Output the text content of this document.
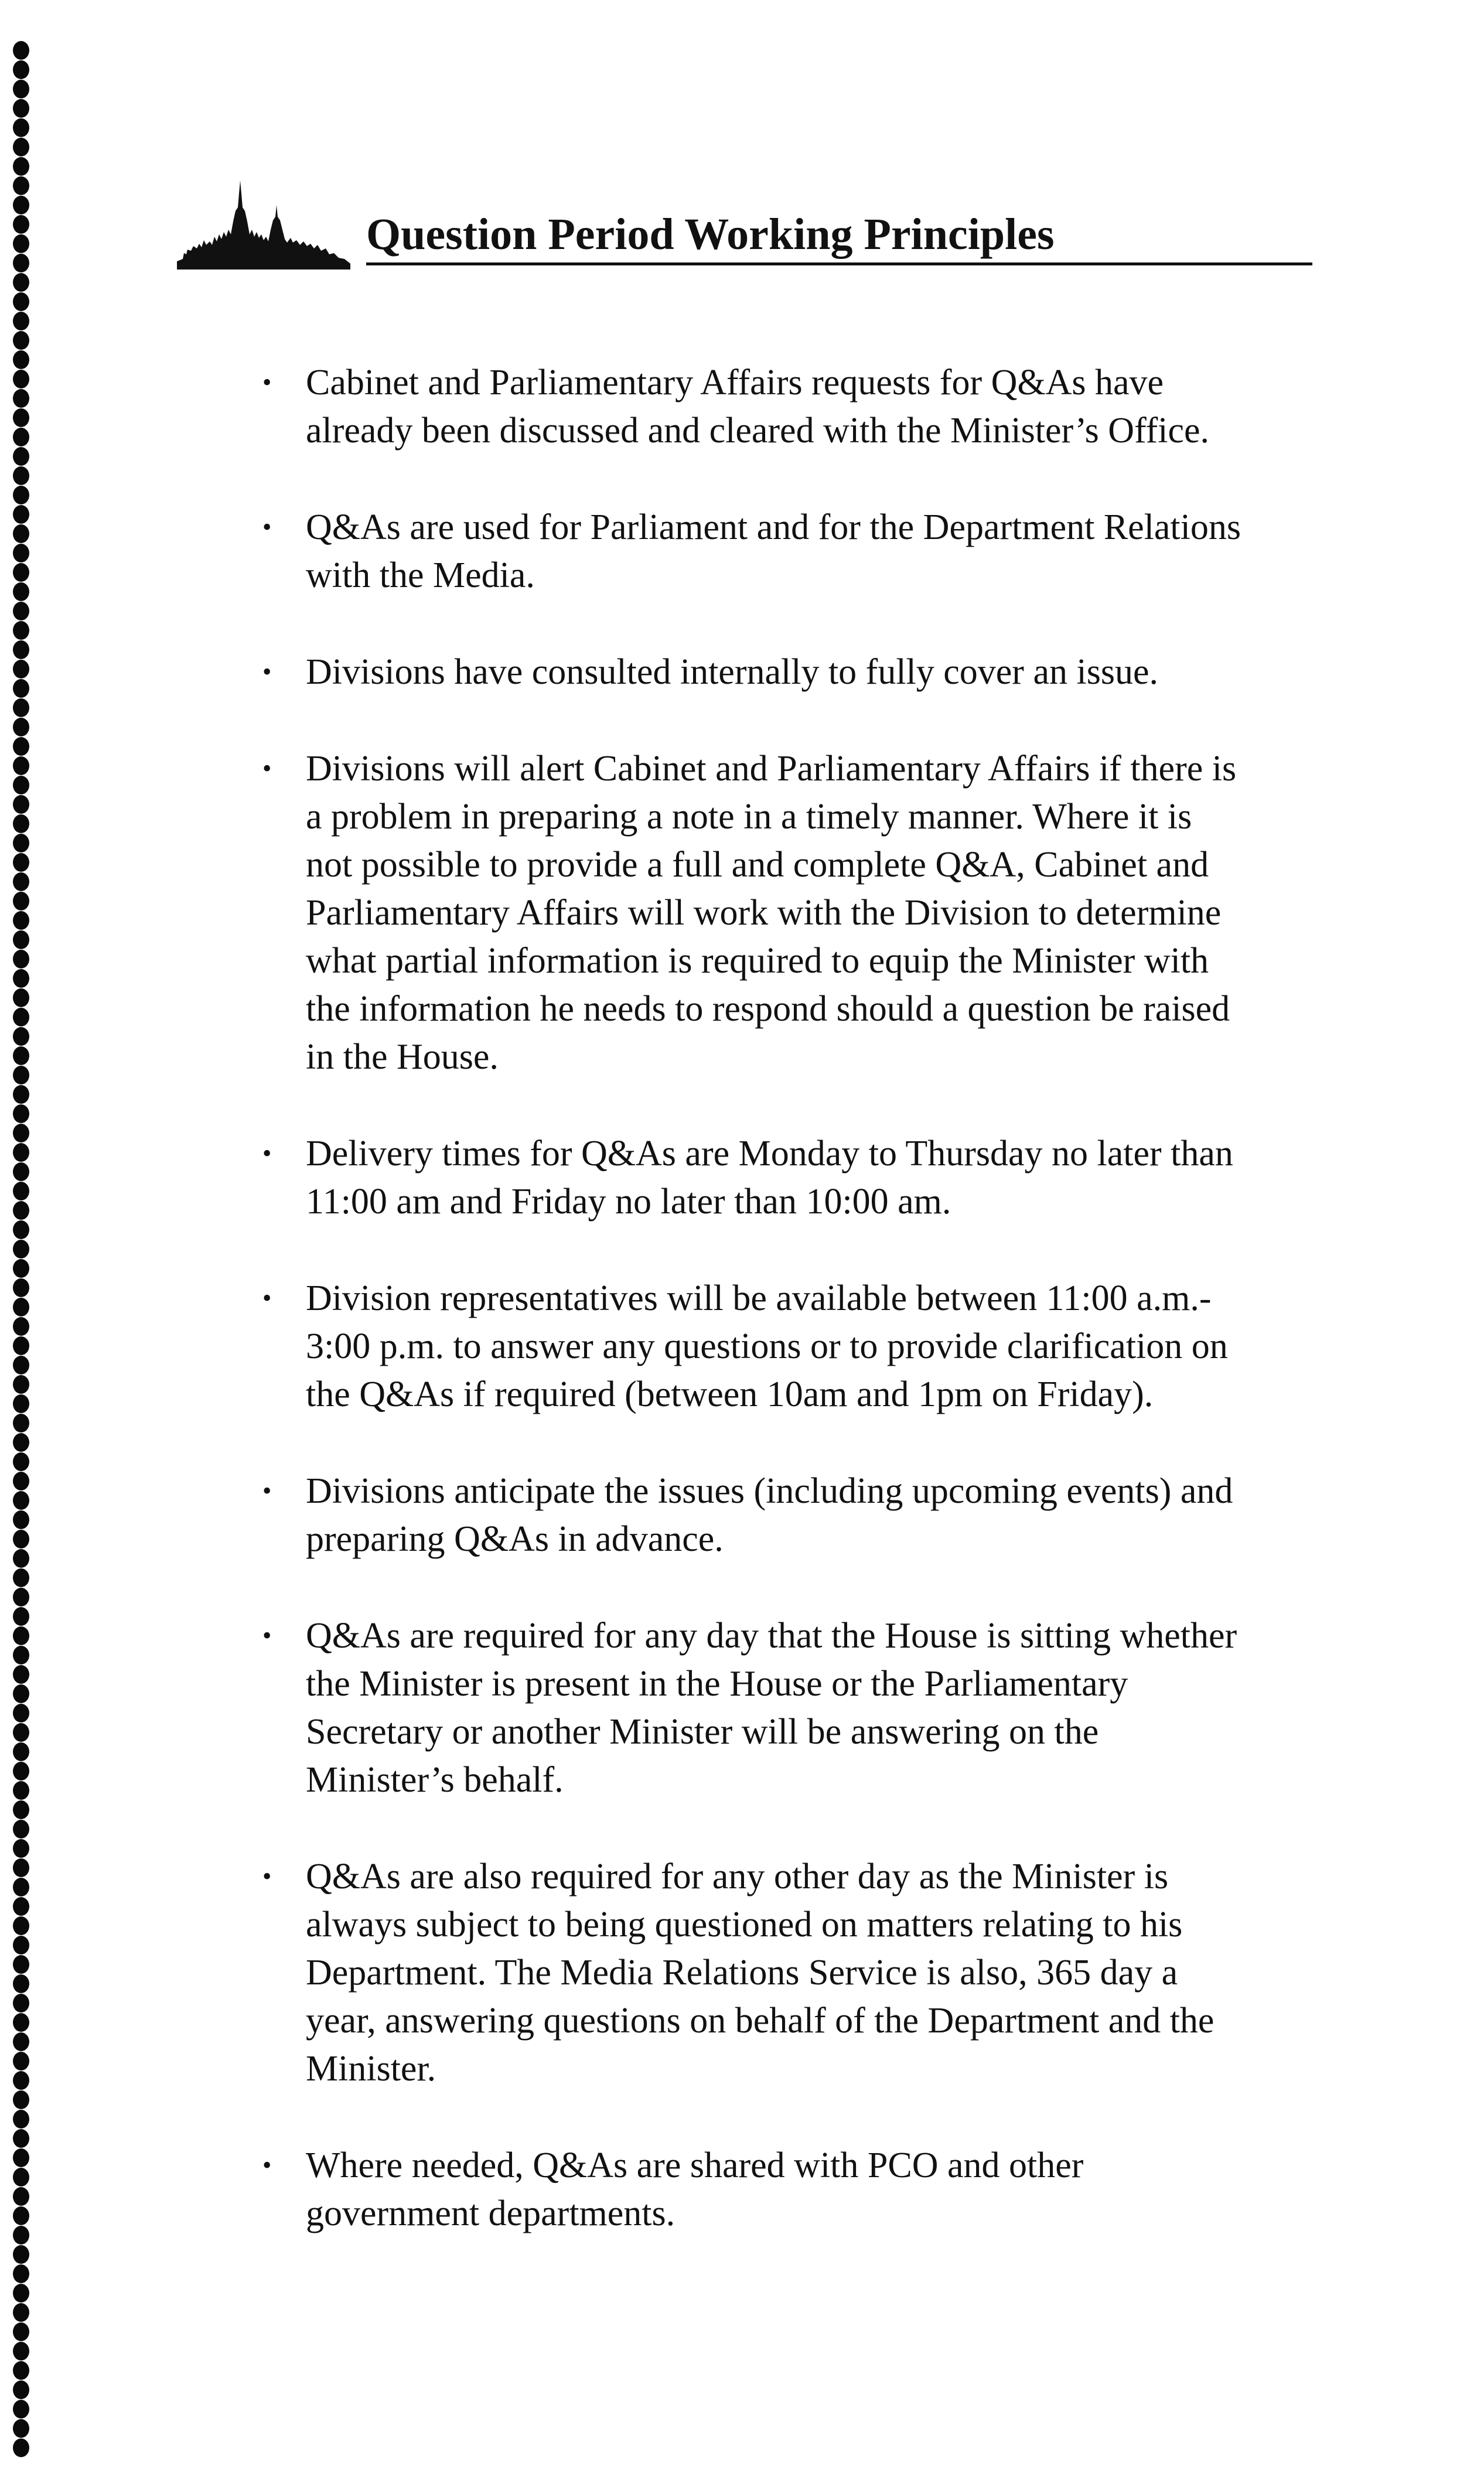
Question Period Working Principles
• Cabinet and Parliamentary Affairs requests for Q&As have
already been discussed and cleared with the Minister’s Office.
• Q&As are used for Parliament and for the Department Relations
with the Media.
• Divisions have consulted internally to fully cover an issue.
• Divisions will alert Cabinet and Parliamentary Affairs if there is
a problem in preparing a note in a timely manner. Where it is
not possible to provide a full and complete Q&A, Cabinet and
Parliamentary Affairs will work with the Division to determine
what partial information is required to equip the Minister with
the information he needs to respond should a question be raised
in the House.
• Delivery times for Q&As are Monday to Thursday no later than
11:00 am and Friday no later than 10:00 am.
• Division representatives will be available between 11:00 a.m.-
3:00 p.m. to answer any questions or to provide clarification on
the Q&As if required (between 10am and 1pm on Friday).
• Divisions anticipate the issues (including upcoming events) and
preparing Q&As in advance.
• Q&As are required for any day that the House is sitting whether
the Minister is present in the House or the Parliamentary
Secretary or another Minister will be answering on the
Minister’s behalf.
• Q&As are also required for any other day as the Minister is
always subject to being questioned on matters relating to his
Department. The Media Relations Service is also, 365 day a
year, answering questions on behalf of the Department and the
Minister.
• Where needed, Q&As are shared with PCO and other
government departments.
